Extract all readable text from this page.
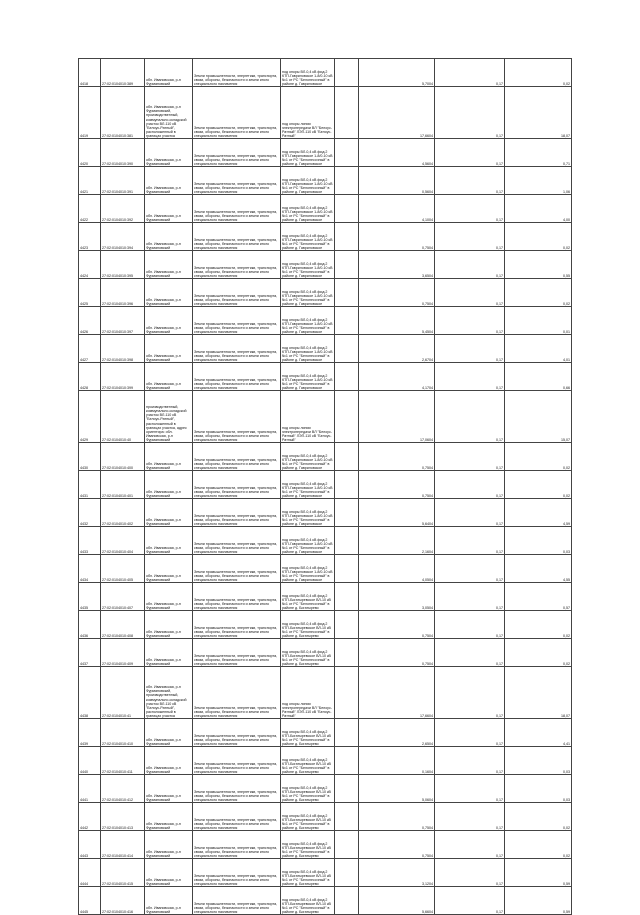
4418	27:02:0104010:389	обл. Ивановская, р-н Фурмановский	Земли промышленности, энергетики, транспорта, связи, обороны, безопасности и земли иного специального назначения	под опоры ВЛ-0,4 кВ фид.2 КТП-Гавриловское 1-8/0-10 кВ №1 от РС "Белопесочный" в районе д. Гавриловское		5,7004	0,17	0,02
4419	27:02:0104010:381	обл. Ивановская, р-н Фурмановский, производственный, коммунально-складской участок ВЛ-110 кВ "Белоус-Ратный", расположенный в границах участка	Земли промышленности, энергетики, транспорта, связи, обороны, безопасности и земли иного специального назначения	под опоры линии электропередачи ВЛ "Белоус-Ратный" ЛЭП-110 кВ "Белоус-Ратный"		17,6604	0,17	18,07
4420	27:02:0104010:390	обл. Ивановская, р-н Фурмановский	Земли промышленности, энергетики, транспорта, связи, обороны, безопасности и земли иного специального назначения	под опоры ВЛ-0,4 кВ фид.2 КТП-Гавриловское 1-8/0-10 кВ №1 от РС "Белопесочный" в районе д. Гавриловское		4,5604	0,17	0,71
4421	27:02:0104010:391	обл. Ивановская, р-н Фурмановский	Земли промышленности, энергетики, транспорта, связи, обороны, безопасности и земли иного специального назначения	под опоры ВЛ-0,4 кВ фид.2 КТП-Гавриловское 1-8/0-10 кВ №1 от РС "Белопесочный" в районе д. Гавриловское		0,5604	0,17	1,06
4422	27:02:0104010:392	обл. Ивановская, р-н Фурмановский	Земли промышленности, энергетики, транспорта, связи, обороны, безопасности и земли иного специального назначения	под опоры ВЛ-0,4 кВ фид.2 КТП-Гавриловское 1-8/0-10 кВ №1 от РС "Белопесочный" в районе д. Гавриловское		4,1004	0,17	4,00
4423	27:02:0104010:394	обл. Ивановская, р-н Фурмановский	Земли промышленности, энергетики, транспорта, связи, обороны, безопасности и земли иного специального назначения	под опоры ВЛ-0,4 кВ фид.2 КТП-Гавриловское 1-8/0-10 кВ №1 от РС "Белопесочный" в районе д. Гавриловское		0,7504	0,17	0,02
4424	27:02:0104010:395	обл. Ивановская, р-н Фурмановский	Земли промышленности, энергетики, транспорта, связи, обороны, безопасности и земли иного специального назначения	под опоры ВЛ-0,4 кВ фид.2 КТП-Гавриловское 1-8/0-10 кВ №1 от РС "Белопесочный" в районе д. Гавриловское		3,6504	0,17	0,55
4425	27:02:0104010:396	обл. Ивановская, р-н Фурмановский	Земли промышленности, энергетики, транспорта, связи, обороны, безопасности и земли иного специального назначения	под опоры ВЛ-0,4 кВ фид.2 КТП-Гавриловское 1-8/0-10 кВ №1 от РС "Белопесочный" в районе д. Гавриловское		0,7504	0,17	0,02
4426	27:02:0104010:397	обл. Ивановская, р-н Фурмановский	Земли промышленности, энергетики, транспорта, связи, обороны, безопасности и земли иного специального назначения	под опоры ВЛ-0,4 кВ фид.2 КТП-Гавриловское 1-8/0-10 кВ №1 от РС "Белопесочный" в районе д. Гавриловское		5,4504	0,17	0,01
4427	27:02:0104010:398	обл. Ивановская, р-н Фурмановский	Земли промышленности, энергетики, транспорта, связи, обороны, безопасности и земли иного специального назначения	под опоры ВЛ-0,4 кВ фид.2 КТП-Гавриловское 1-8/0-10 кВ №1 от РС "Белопесочный" в районе д. Гавриловское		2,6704	0,17	4,01
4428	27:02:0104010:399	обл. Ивановская, р-н Фурмановский	Земли промышленности, энергетики, транспорта, связи, обороны, безопасности и земли иного специального назначения	под опоры ВЛ-0,4 кВ фид.2 КТП-Гавриловское 1-8/0-10 кВ №1 от РС "Белопесочный" в районе д. Гавриловское		4,1704	0,17	0,66
4429	27:02:0104010:40	производственный, коммунально-складской участок ВЛ-110 кВ "Белоус-Ратный", расположенный в границах участка, адрес ориентира: обл. Ивановская, р-н Фурмановский	Земли промышленности, энергетики, транспорта, связи, обороны, безопасности и земли иного специального назначения	под опоры линии электропередачи ВЛ "Белоус-Ратный" ЛЭП-110 кВ "Белоус-Ратный"		17,0604	0,17	15,07
4430	27:02:0104010:400	обл. Ивановская, р-н Фурмановский	Земли промышленности, энергетики, транспорта, связи, обороны, безопасности и земли иного специального назначения	под опоры ВЛ-0,4 кВ фид.2 КТП-Гавриловское 1-8/0-10 кВ №1 от РС "Белопесочный" в районе д. Гавриловское		0,7504	0,17	0,02
4431	27:02:0104010:401	обл. Ивановская, р-н Фурмановский	Земли промышленности, энергетики, транспорта, связи, обороны, безопасности и земли иного специального назначения	под опоры ВЛ-0,4 кВ фид.2 КТП-Гавриловское 1-8/0-10 кВ №1 от РС "Белопесочный" в районе д. Гавриловское		0,7504	0,17	0,02
4432	27:02:0104010:402	обл. Ивановская, р-н Фурмановский	Земли промышленности, энергетики, транспорта, связи, обороны, безопасности и земли иного специального назначения	под опоры ВЛ-0,4 кВ фид.2 КТП-Гавриловское 1-8/0-10 кВ №1 от РС "Белопесочный" в районе д. Гавриловское		5,6404	0,17	4,59
4433	27:02:0104010:404	обл. Ивановская, р-н Фурмановский	Земли промышленности, энергетики, транспорта, связи, обороны, безопасности и земли иного специального назначения	под опоры ВЛ-0,4 кВ фид.2 КТП-Гавриловское 1-8/0-10 кВ №1 от РС "Белопесочный" в районе д. Гавриловское		2,1604	0,17	0,03
4434	27:02:0104010:405	обл. Ивановская, р-н Фурмановский	Земли промышленности, энергетики, транспорта, связи, обороны, безопасности и земли иного специального назначения	под опоры ВЛ-0,4 кВ фид.2 КТП-Гавриловское 1-8/0-10 кВ №1 от РС "Белопесочный" в районе д. Гавриловское		4,0504	0,17	4,55
4435	27:02:0104010:407	обл. Ивановская, р-н Фурмановский	Земли промышленности, энергетики, транспорта, связи, обороны, безопасности и земли иного специального назначения	под опоры ВЛ-0,4 кВ фид.2 КТП-Богатыревское ВЛ-10 кВ №1 от РС "Белопесочный" в районе д. Богатырево		3,0504	0,17	0,57
4436	27:02:0104010:408	обл. Ивановская, р-н Фурмановский	Земли промышленности, энергетики, транспорта, связи, обороны, безопасности и земли иного специального назначения	под опоры ВЛ-0,4 кВ фид.2 КТП-Богатыревское ВЛ-10 кВ №1 от РС "Белопесочный" в районе д. Богатырево		0,7504	0,17	0,02
4437	27:02:0104010:409	обл. Ивановская, р-н Фурмановский	Земли промышленности, энергетики, транспорта, связи, обороны, безопасности и земли иного специального назначения	под опоры ВЛ-0,4 кВ фид.2 КТП-Богатыревское ВЛ-10 кВ №1 от РС "Белопесочный" в районе д. Богатырево		0,7504	0,17	0,02
4438	27:02:0104010:41	обл. Ивановская, р-н Фурмановский, производственный, коммунально-складской участок ВЛ-110 кВ "Белоус-Ратный", расположенный в границах участка	Земли промышленности, энергетики, транспорта, связи, обороны, безопасности и земли иного специального назначения	под опоры линии электропередачи ВЛ "Белоус-Ратный" ЛЭП-110 кВ "Белоус-Ратный"		17,6604	0,17	18,07
4439	27:02:0104010:410	обл. Ивановская, р-н Фурмановский	Земли промышленности, энергетики, транспорта, связи, обороны, безопасности и земли иного специального назначения	под опоры ВЛ-0,4 кВ фид.2 КТП-Богатыревское ВЛ-10 кВ №1 от РС "Белопесочный" в районе д. Богатырево		2,6504	0,17	4,41
4440	27:02:0104010:411	обл. Ивановская, р-н Фурмановский	Земли промышленности, энергетики, транспорта, связи, обороны, безопасности и земли иного специального назначения	под опоры ВЛ-0,4 кВ фид.2 КТП-Богатыревское ВЛ-10 кВ №1 от РС "Белопесочный" в районе д. Богатырево		0,1604	0,17	0,03
4441	27:02:0104010:412	обл. Ивановская, р-н Фурмановский	Земли промышленности, энергетики, транспорта, связи, обороны, безопасности и земли иного специального назначения	под опоры ВЛ-0,4 кВ фид.2 КТП-Богатыревское ВЛ-10 кВ №1 от РС "Белопесочный" в районе д. Богатырево		5,0604	0,17	0,03
4442	27:02:0104010:413	обл. Ивановская, р-н Фурмановский	Земли промышленности, энергетики, транспорта, связи, обороны, безопасности и земли иного специального назначения	под опоры ВЛ-0,4 кВ фид.2 КТП-Богатыревское ВЛ-10 кВ №1 от РС "Белопесочный" в районе д. Богатырево		0,7504	0,17	0,02
4443	27:02:0104010:414	обл. Ивановская, р-н Фурмановский	Земли промышленности, энергетики, транспорта, связи, обороны, безопасности и земли иного специального назначения	под опоры ВЛ-0,4 кВ фид.2 КТП-Богатыревское ВЛ-10 кВ №1 от РС "Белопесочный" в районе д. Богатырево		0,7504	0,17	0,02
4444	27:02:0104010:415	обл. Ивановская, р-н Фурмановский	Земли промышленности, энергетики, транспорта, связи, обороны, безопасности и земли иного специального назначения	под опоры ВЛ-0,4 кВ фид.2 КТП-Богатыревское ВЛ-10 кВ №1 от РС "Белопесочный" в районе д. Богатырево		3,1204	0,17	0,59
4445	27:02:0104010:416	обл. Ивановская, р-н Фурмановский	Земли промышленности, энергетики, транспорта, связи, обороны, безопасности и земли иного специального назначения	под опоры ВЛ-0,4 кВ фид.2 КТП-Богатыревское ВЛ-10 кВ №1 от РС "Белопесочный" в районе д. Богатырево		5,6604	0,17	0,59
